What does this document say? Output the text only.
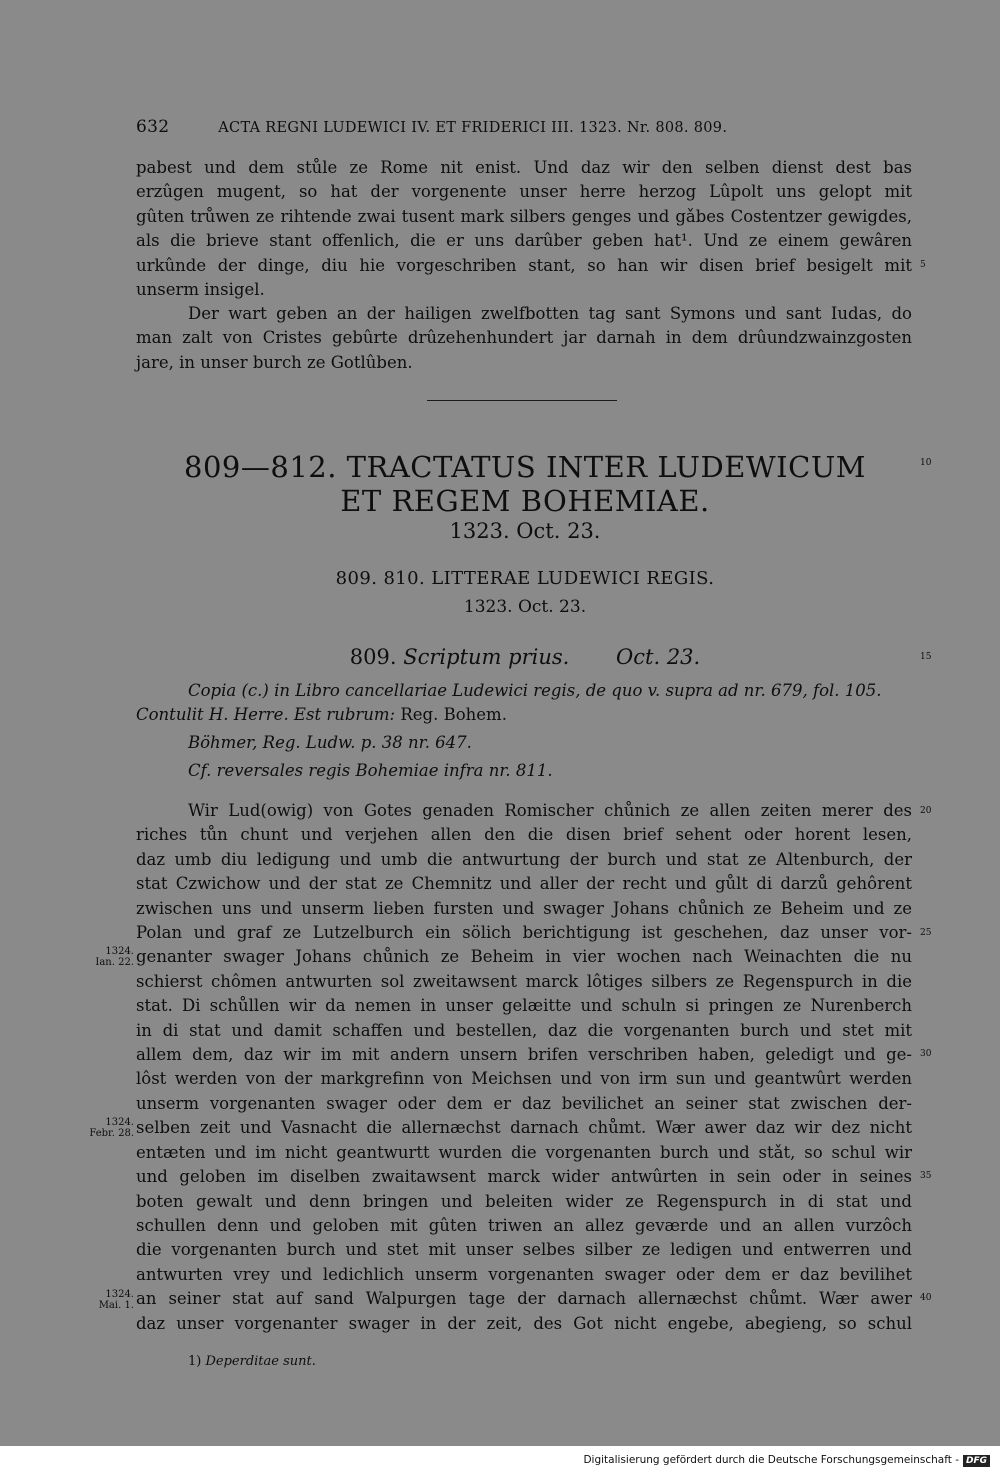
632	ACTA REGNI LUDEWICI IV. ET FRIDERICI III. 1323. Nr. 808. 809.
pabest und dem stůle ze Rome nit enist. Und daz wir den selben dienst dest bas
erzûgen mugent, so hat der vorgenente unser herre herzog Lûpolt uns gelopt mit
gûten trůwen ze rihtende zwai tusent mark silbers genges und gǎbes Costentzer gewigdes,
als die brieve stant offenlich, die er uns darûber geben hat¹. Und ze einem gewâren
urkûnde der dinge, diu hie vorgeschriben stant, so han wir disen brief besigelt mit
unserm insigel.
Der wart geben an der hailigen zwelfbotten tag sant Symons und sant Iudas, do
man zalt von Cristes gebûrte drûzehenhundert jar darnah in dem drûundzwainzgosten
jare, in unser burch ze Gotlûben.
809—812. TRACTATUS INTER LUDEWICUM
ET REGEM BOHEMIAE.
1323. Oct. 23.
809. 810. LITTERAE LUDEWICI REGIS.
1323. Oct. 23.
809. Scriptum prius. Oct. 23.
Copia (c.) in Libro cancellariae Ludewici regis, de quo v. supra ad nr. 679, fol. 105.
Contulit H. Herre. Est rubrum: Reg. Bohem.
Böhmer, Reg. Ludw. p. 38 nr. 647.
Cf. reversales regis Bohemiae infra nr. 811.
Wir Lud(owig) von Gotes genaden Romischer chůnich ze allen zeiten merer des
riches tůn chunt und verjehen allen den die disen brief sehent oder horent lesen,
daz umb diu ledigung und umb die antwurtung der burch und stat ze Altenburch, der
stat Czwichow und der stat ze Chemnitz und aller der recht und gůlt di darzů gehôrent
zwischen uns und unserm lieben fursten und swager Johans chůnich ze Beheim und ze
Polan und graf ze Lutzelburch ein sölich berichtigung ist geschehen, daz unser vor-
genanter swager Johans chůnich ze Beheim in vier wochen nach Weinachten die nu
schierst chômen antwurten sol zweitawsent marck lôtiges silbers ze Regenspurch in die
stat. Di schůllen wir da nemen in unser gelæitte und schuln si pringen ze Nurenberch
in di stat und damit schaffen und bestellen, daz die vorgenanten burch und stet mit
allem dem, daz wir im mit andern unsern brifen verschriben haben, geledigt und ge-
lôst werden von der markgrefinn von Meichsen und von irm sun und geantwûrt werden
unserm vorgenanten swager oder dem er daz bevilichet an seiner stat zwischen der-
selben zeit und Vasnacht die allernæchst darnach chůmt. Wær awer daz wir dez nicht
entæten und im nicht geantwurtt wurden die vorgenanten burch und stǎt, so schul wir
und geloben im diselben zwaitawsent marck wider antwûrten in sein oder in seines
boten gewalt und denn bringen und beleiten wider ze Regenspurch in di stat und
schullen denn und geloben mit gûten triwen an allez geværde und an allen vurzôch
die vorgenanten burch und stet mit unser selbes silber ze ledigen und entwerren und
antwurten vrey und ledichlich unserm vorgenanten swager oder dem er daz bevilihet
an seiner stat auf sand Walpurgen tage der darnach allernæchst chůmt. Wær awer
daz unser vorgenanter swager in der zeit, des Got nicht engebe, abegieng, so schul
5
10
15
20
25
30
35
40
1324.
Ian. 22.
1324.
Febr. 28.
1324.
Mai. 1.
1) Deperditae sunt.
Digitalisierung gefördert durch die Deutsche Forschungsgemeinschaft - DFG
